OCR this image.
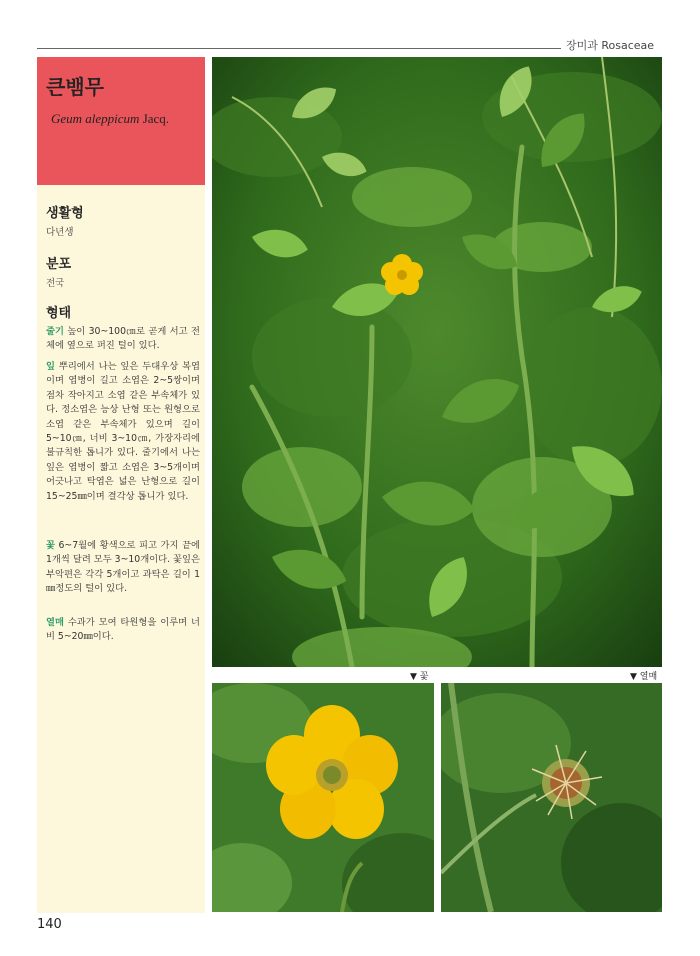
장미과 Rosaceae
큰뱀무
Geum aleppicum Jacq.
생활형
다년생
분포
전국
형태
줄기 높이 30~100㎝로 곧게 서고 전체에 옆으로 퍼진 털이 있다.
잎 뿌리에서 나는 잎은 두대우상 복엽이며 엽병이 길고 소엽은 2~5쌍이며 점차 작아지고 소엽 같은 부속체가 있다. 정소엽은 능상 난형 또는 원형으로 소엽 같은 부속체가 있으며 길이 5~10㎝, 너비 3~10㎝, 가장자리에 불규칙한 톱니가 있다. 줄기에서 나는 잎은 엽병이 짧고 소엽은 3~5개이며 어긋나고 탁엽은 넓은 난형으로 길이 15~25㎜이며 결각상 톱니가 있다.
꽃 6~7월에 황색으로 피고 가지 끝에 1개씩 달려 모두 3~10개이다. 꽃잎은 부악편은 각각 5개이고 과탁은 길이 1㎜정도의 털이 있다.
열매 수과가 모여 타원형을 이루며 너비 5~20㎜이다.
▼ 꽃	▼ 열매
140
